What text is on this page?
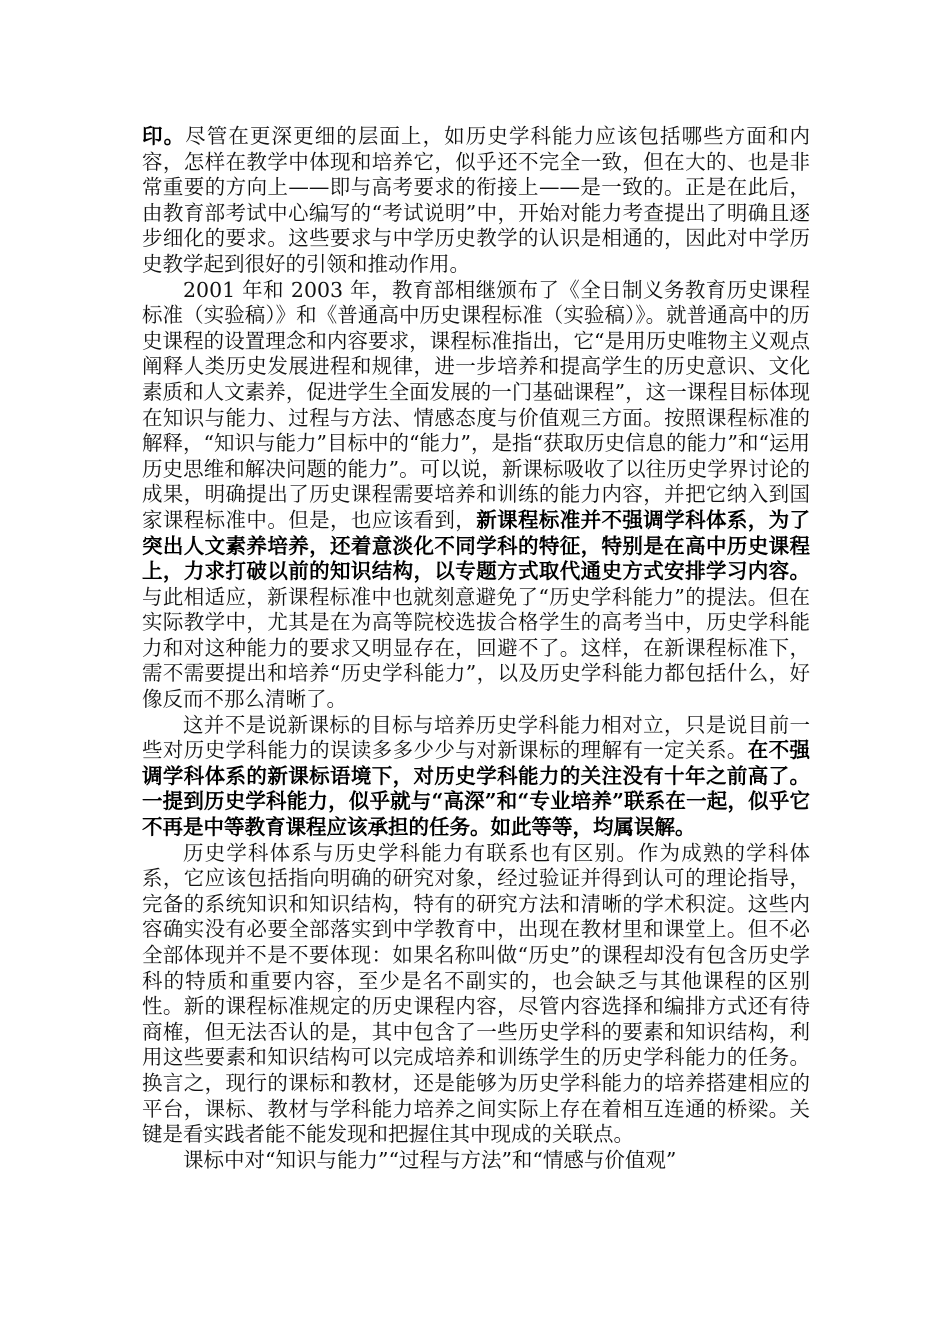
印。尽管在更深更细的层面上，如历史学科能力应该包括哪些方面和内容，怎样在教学中体现和培养它，似乎还不完全一致，但在大的、也是非常重要的方向上——即与高考要求的衔接上——是一致的。正是在此后，由教育部考试中心编写的“考试说明”中，开始对能力考查提出了明确且逐步细化的要求。这些要求与中学历史教学的认识是相通的，因此对中学历史教学起到很好的引领和推动作用。

2001 年和 2003 年，教育部相继颁布了《全日制义务教育历史课程标准（实验稿）》和《普通高中历史课程标准（实验稿）》。就普通高中的历史课程的设置理念和内容要求，课程标准指出，它“是用历史唯物主义观点阐释人类历史发展进程和规律，进一步培养和提高学生的历史意识、文化素质和人文素养，促进学生全面发展的一门基础课程”，这一课程目标体现在知识与能力、过程与方法、情感态度与价值观三方面。按照课程标准的解释，“知识与能力”目标中的“能力”，是指“获取历史信息的能力”和“运用历史思维和解决问题的能力”。可以说，新课标吸收了以往历史学界讨论的成果，明确提出了历史课程需要培养和训练的能力内容，并把它纳入到国家课程标准中。但是，也应该看到，新课程标准并不强调学科体系，为了突出人文素养培养，还着意淡化不同学科的特征，特别是在高中历史课程上，力求打破以前的知识结构，以专题方式取代通史方式安排学习内容。与此相适应，新课程标准中也就刻意避免了“历史学科能力”的提法。但在实际教学中，尤其是在为高等院校选拔合格学生的高考当中，历史学科能力和对这种能力的要求又明显存在，回避不了。这样，在新课程标准下，需不需要提出和培养“历史学科能力”，以及历史学科能力都包括什么，好像反而不那么清晰了。

这并不是说新课标的目标与培养历史学科能力相对立，只是说目前一些对历史学科能力的误读多多少少与对新课标的理解有一定关系。在不强调学科体系的新课标语境下，对历史学科能力的关注没有十年之前高了。一提到历史学科能力，似乎就与“高深”和“专业培养”联系在一起，似乎它不再是中等教育课程应该承担的任务。如此等等，均属误解。

历史学科体系与历史学科能力有联系也有区别。作为成熟的学科体系，它应该包括指向明确的研究对象，经过验证并得到认可的理论指导，完备的系统知识和知识结构，特有的研究方法和清晰的学术积淀。这些内容确实没有必要全部落实到中学教育中，出现在教材里和课堂上。但不必全部体现并不是不要体现：如果名称叫做“历史”的课程却没有包含历史学科的特质和重要内容，至少是名不副实的，也会缺乏与其他课程的区别性。新的课程标准规定的历史课程内容，尽管内容选择和编排方式还有待商榷，但无法否认的是，其中包含了一些历史学科的要素和知识结构，利用这些要素和知识结构可以完成培养和训练学生的历史学科能力的任务。换言之，现行的课标和教材，还是能够为历史学科能力的培养搭建相应的平台，课标、教材与学科能力培养之间实际上存在着相互连通的桥梁。关键是看实践者能不能发现和把握住其中现成的关联点。

课标中对“知识与能力”“过程与方法”和“情感与价值观”
